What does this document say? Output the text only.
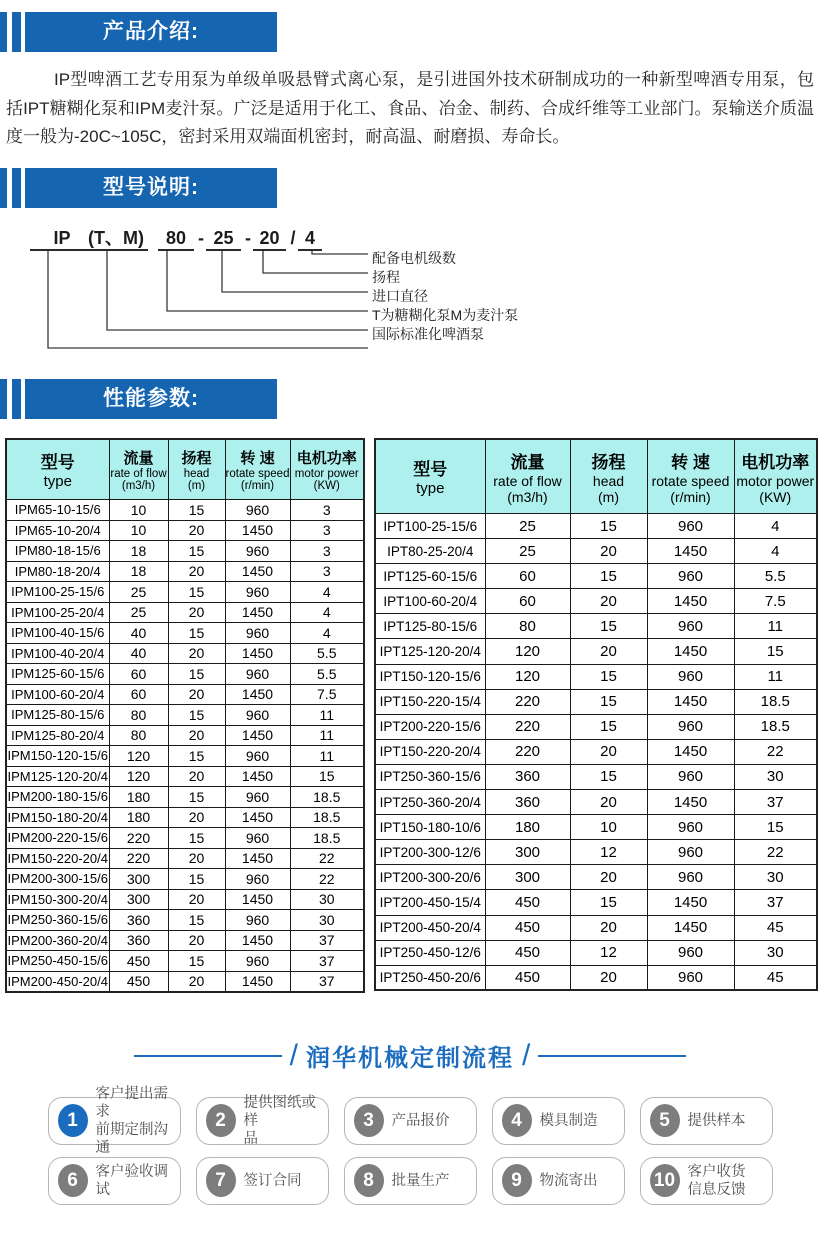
产品介绍:

IP型啤酒工艺专用泵为单级单吸悬臂式离心泵，是引进国外技术研制成功的一种新型啤酒专用泵，包括IPT糖糊化泵和IPM麦汁泵。广泛是适用于化工、食品、冶金、制药、合成纤维等工业部门。泵输送介质温度一般为-20C~105C，密封采用双端面机密封，耐高温、耐磨损、寿命长。

型号说明:
IP (T、M)	80 - 25 - 20 / 4
配备电机级数
扬程
进口直径
T为糖糊化泵M为麦汁泵
国际标准化啤酒泵
性能参数:
型号
type

流量
rate of flow
(m3/h)

扬程
head
(m)

转 速
rotate speed
(r/min)

电机功率
motor power
(KW)

IPM65-10-15/6	10	15	960	3
IPM65-10-20/4	10	20	1450	3
IPM80-18-15/6	18	15	960	3
IPM80-18-20/4	18	20	1450	3
IPM100-25-15/6	25	15	960	4
IPM100-25-20/4	25	20	1450	4
IPM100-40-15/6	40	15	960	4
IPM100-40-20/4	40	20	1450	5.5
IPM125-60-15/6	60	15	960	5.5
IPM100-60-20/4	60	20	1450	7.5
IPM125-80-15/6	80	15	960	11
IPM125-80-20/4	80	20	1450	11
IPM150-120-15/6	120	15	960	11
IPM125-120-20/4	120	20	1450	15
IPM200-180-15/6	180	15	960	18.5
IPM150-180-20/4	180	20	1450	18.5
IPM200-220-15/6	220	15	960	18.5
IPM150-220-20/4	220	20	1450	22
IPM200-300-15/6	300	15	960	22
IPM150-300-20/4	300	20	1450	30
IPM250-360-15/6	360	15	960	30
IPM200-360-20/4	360	20	1450	37
IPM250-450-15/6	450	15	960	37
IPM200-450-20/4	450	20	1450	37
型号
type

流量
rate of flow
(m3/h)

扬程
head
(m)

转 速
rotate speed
(r/min)

电机功率
motor power
(KW)

IPT100-25-15/6	25	15	960	4
IPT80-25-20/4	25	20	1450	4
IPT125-60-15/6	60	15	960	5.5
IPT100-60-20/4	60	20	1450	7.5
IPT125-80-15/6	80	15	960	11
IPT125-120-20/4	120	20	1450	15
IPT150-120-15/6	120	15	960	11
IPT150-220-15/4	220	15	1450	18.5
IPT200-220-15/6	220	15	960	18.5
IPT150-220-20/4	220	20	1450	22
IPT250-360-15/6	360	15	960	30
IPT250-360-20/4	360	20	1450	37
IPT150-180-10/6	180	10	960	15
IPT200-300-12/6	300	12	960	22
IPT200-300-20/6	300	20	960	30
IPT200-450-15/4	450	15	1450	37
IPT200-450-20/4	450	20	1450	45
IPT250-450-12/6	450	12	960	30
IPT250-450-20/6	450	20	960	45
/ 润华机械定制流程 /
1
客户提出需求
前期定制沟通
2
提供图纸或样
品
3	产品报价	4	模具制造	5	提供样本
6	客户验收调试	7	签订合同	8	批量生产	9	物流寄出	10 客户收货
信息反馈
